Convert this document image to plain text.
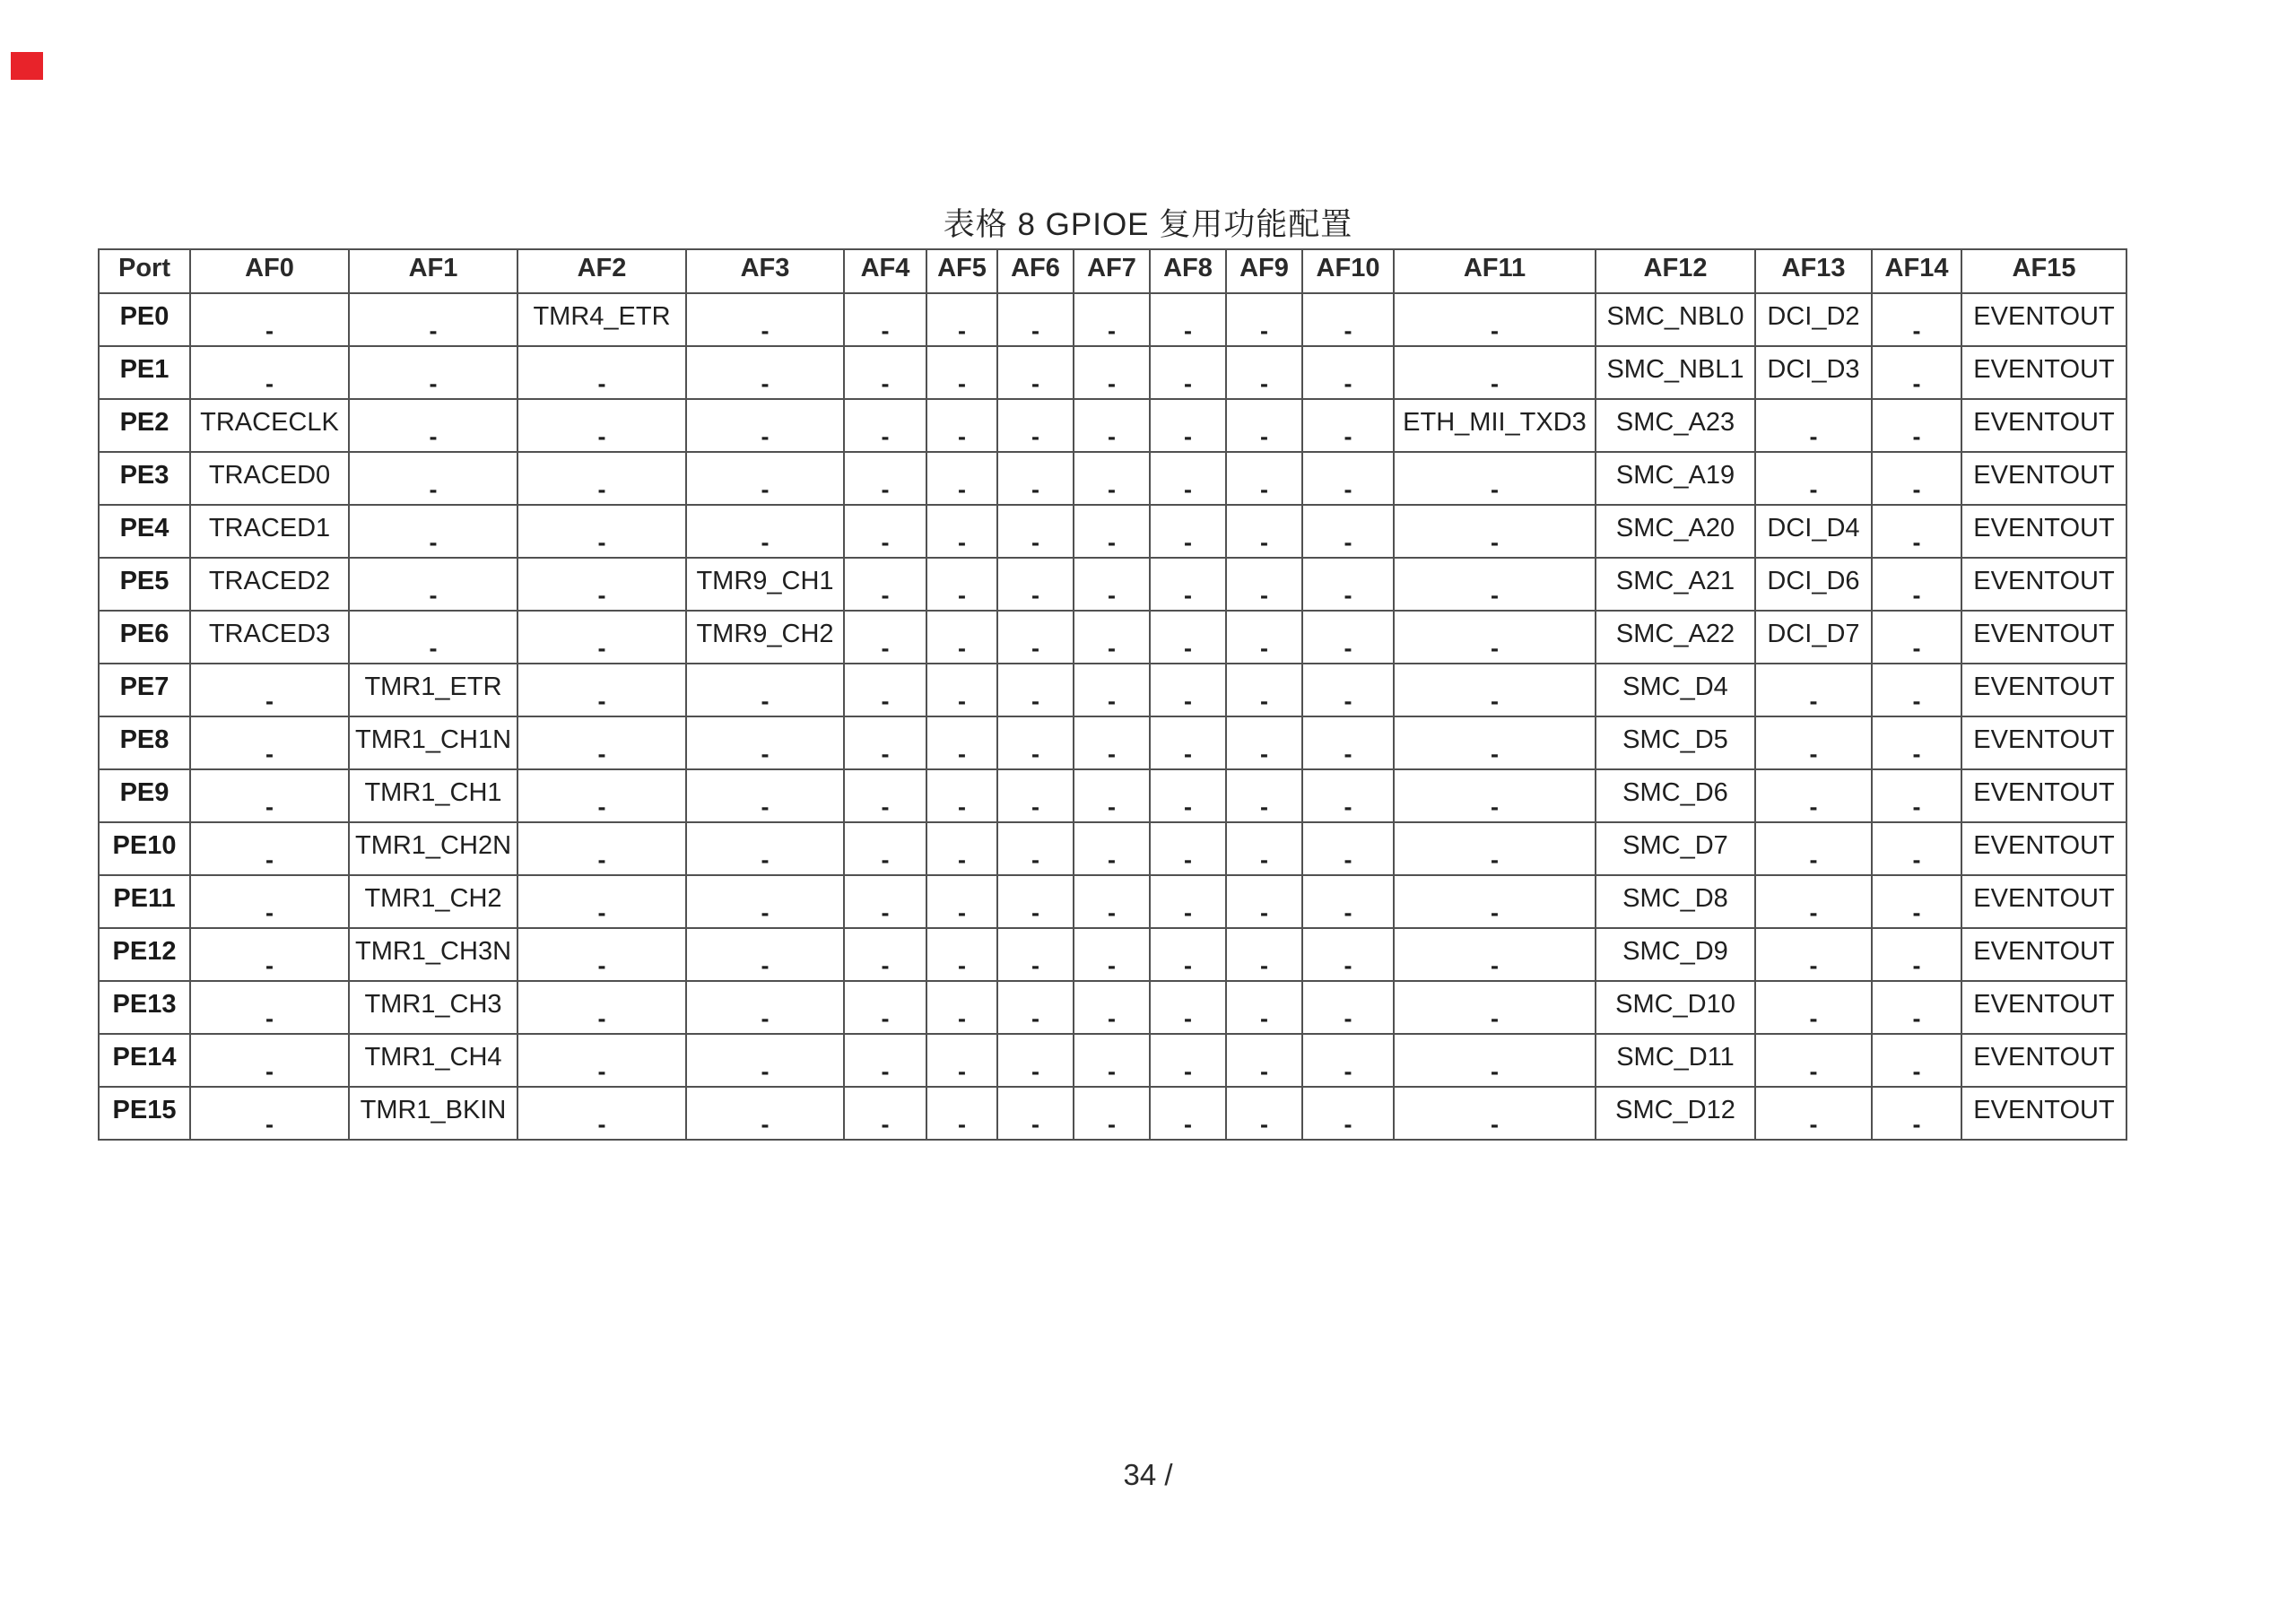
表格 8 GPIOE 复用功能配置
Port	AF0	AF1	AF2	AF3	AF4	AF5	AF6	AF7	AF8	AF9	AF10	AF11	AF12	AF13	AF14	AF15
PE0	-	-	TMR4_ETR	-	-	-	-	-	-	-	-	-	SMC_NBL0	DCI_D2	-	EVENTOUT
PE1	-	-	-	-	-	-	-	-	-	-	-	-	SMC_NBL1	DCI_D3	-	EVENTOUT
PE2	TRACECLK	-	-	-	-	-	-	-	-	-	-	ETH_MII_TXD3	SMC_A23	-	-	EVENTOUT
PE3	TRACED0	-	-	-	-	-	-	-	-	-	-	-	SMC_A19	-	-	EVENTOUT
PE4	TRACED1	-	-	-	-	-	-	-	-	-	-	-	SMC_A20	DCI_D4	-	EVENTOUT
PE5	TRACED2	-	-	TMR9_CH1	-	-	-	-	-	-	-	-	SMC_A21	DCI_D6	-	EVENTOUT
PE6	TRACED3	-	-	TMR9_CH2	-	-	-	-	-	-	-	-	SMC_A22	DCI_D7	-	EVENTOUT
PE7	-	TMR1_ETR	-	-	-	-	-	-	-	-	-	-	SMC_D4	-	-	EVENTOUT
PE8	-	TMR1_CH1N	-	-	-	-	-	-	-	-	-	-	SMC_D5	-	-	EVENTOUT
PE9	-	TMR1_CH1	-	-	-	-	-	-	-	-	-	-	SMC_D6	-	-	EVENTOUT
PE10	-	TMR1_CH2N	-	-	-	-	-	-	-	-	-	-	SMC_D7	-	-	EVENTOUT
PE11	-	TMR1_CH2	-	-	-	-	-	-	-	-	-	-	SMC_D8	-	-	EVENTOUT
PE12	-	TMR1_CH3N	-	-	-	-	-	-	-	-	-	-	SMC_D9	-	-	EVENTOUT
PE13	-	TMR1_CH3	-	-	-	-	-	-	-	-	-	-	SMC_D10	-	-	EVENTOUT
PE14	-	TMR1_CH4	-	-	-	-	-	-	-	-	-	-	SMC_D11	-	-	EVENTOUT
PE15	-	TMR1_BKIN	-	-	-	-	-	-	-	-	-	-	SMC_D12	-	-	EVENTOUT
34 /
